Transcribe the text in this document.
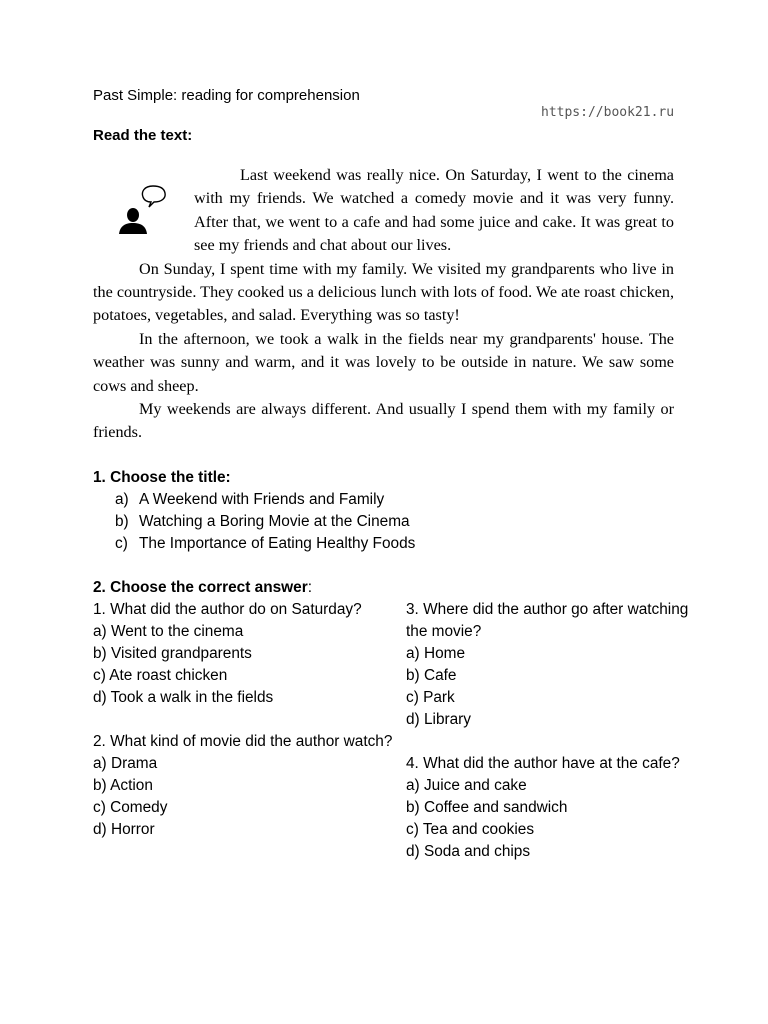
Past Simple: reading for comprehension
https://book21.ru
Read the text:

Last weekend was really nice. On Saturday, I went to the cinema with my friends. We watched a comedy movie and it was very funny. After that, we went to a cafe and had some juice and cake. It was great to see my friends and chat about our lives.

On Sunday, I spent time with my family. We visited my grandparents who live in the countryside. They cooked us a delicious lunch with lots of food. We ate roast chicken, potatoes, vegetables, and salad. Everything was so tasty!

In the afternoon, we took a walk in the fields near my grandparents' house. The weather was sunny and warm, and it was lovely to be outside in nature. We saw some cows and sheep.

My weekends are always different. And usually I spend them with my family or friends.

1. Choose the title:
a) A Weekend with Friends and Family
b) Watching a Boring Movie at the Cinema
c) The Importance of Eating Healthy Foods
2. Choose the correct answer:
1. What did the author do on Saturday?
a) Went to the cinema
b) Visited grandparents
c) Ate roast chicken
d) Took a walk in the fields
2. What kind of movie did the author watch?
a) Drama
b) Action
c) Comedy
d) Horror
3. Where did the author go after watching the movie?
a) Home
b) Cafe
c) Park
d) Library
4. What did the author have at the cafe?
a) Juice and cake
b) Coffee and sandwich
c) Tea and cookies
d) Soda and chips
